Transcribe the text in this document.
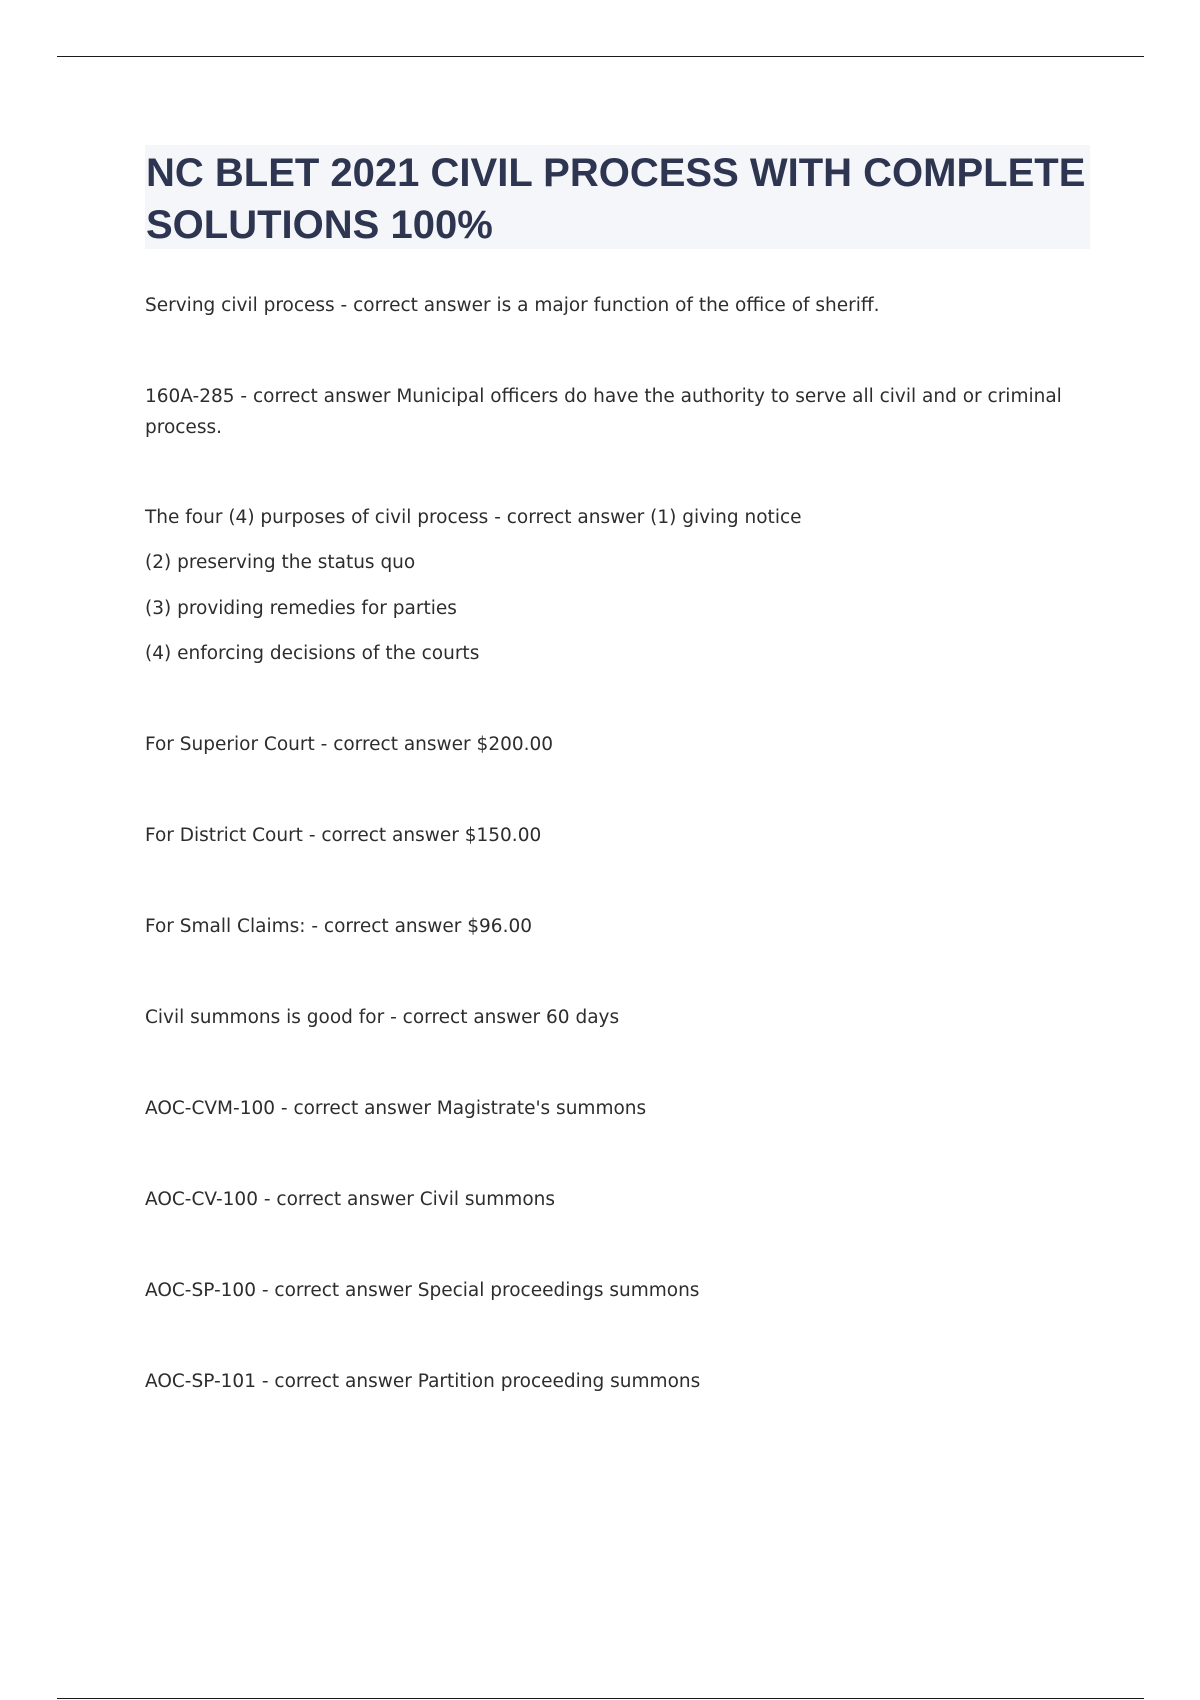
NC BLET 2021 CIVIL PROCESS WITH COMPLETE SOLUTIONS 100%
Serving civil process - correct answer is a major function of the office of sheriff.
160A-285 - correct answer Municipal officers do have the authority to serve all civil and or criminal process.
The four (4) purposes of civil process - correct answer (1) giving notice
(2) preserving the status quo
(3) providing remedies for parties
(4) enforcing decisions of the courts
For Superior Court - correct answer $200.00
For District Court - correct answer $150.00
For Small Claims: - correct answer $96.00
Civil summons is good for - correct answer 60 days
AOC-CVM-100 - correct answer Magistrate's summons
AOC-CV-100 - correct answer Civil summons
AOC-SP-100 - correct answer Special proceedings summons
AOC-SP-101 - correct answer Partition proceeding summons
